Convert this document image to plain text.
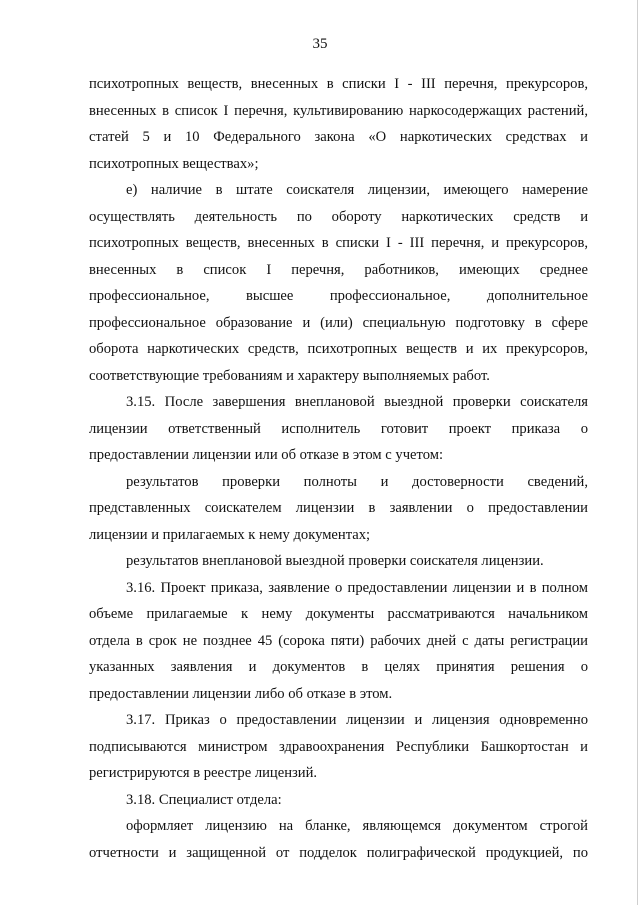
35
психотропных веществ, внесенных в списки I - III перечня, прекурсоров,
внесенных в список I перечня, культивированию наркосодержащих растений,
статей 5 и 10 Федерального закона «О наркотических средствах и
психотропных веществах»;
е) наличие в штате соискателя лицензии, имеющего намерение
осуществлять деятельность по обороту наркотических средств и
психотропных веществ, внесенных в списки I - III перечня, и прекурсоров,
внесенных в список I перечня, работников, имеющих среднее
профессиональное, высшее профессиональное, дополнительное
профессиональное образование и (или) специальную подготовку в сфере
оборота наркотических средств, психотропных веществ и их прекурсоров,
соответствующие требованиям и характеру выполняемых работ.
3.15. После завершения внеплановой выездной проверки соискателя
лицензии ответственный исполнитель готовит проект приказа о
предоставлении лицензии или об отказе в этом с учетом:
результатов проверки полноты и достоверности сведений,
представленных соискателем лицензии в заявлении о предоставлении
лицензии и прилагаемых к нему документах;
результатов внеплановой выездной проверки соискателя лицензии.
3.16. Проект приказа, заявление о предоставлении лицензии и в полном
объеме прилагаемые к нему документы рассматриваются начальником
отдела в срок не позднее 45 (сорока пяти) рабочих дней с даты регистрации
указанных заявления и документов в целях принятия решения о
предоставлении лицензии либо об отказе в этом.
3.17. Приказ о предоставлении лицензии и лицензия одновременно
подписываются министром здравоохранения Республики Башкортостан и
регистрируются в реестре лицензий.
3.18. Специалист отдела:
оформляет лицензию на бланке, являющемся документом строгой
отчетности и защищенной от подделок полиграфической продукцией, по
